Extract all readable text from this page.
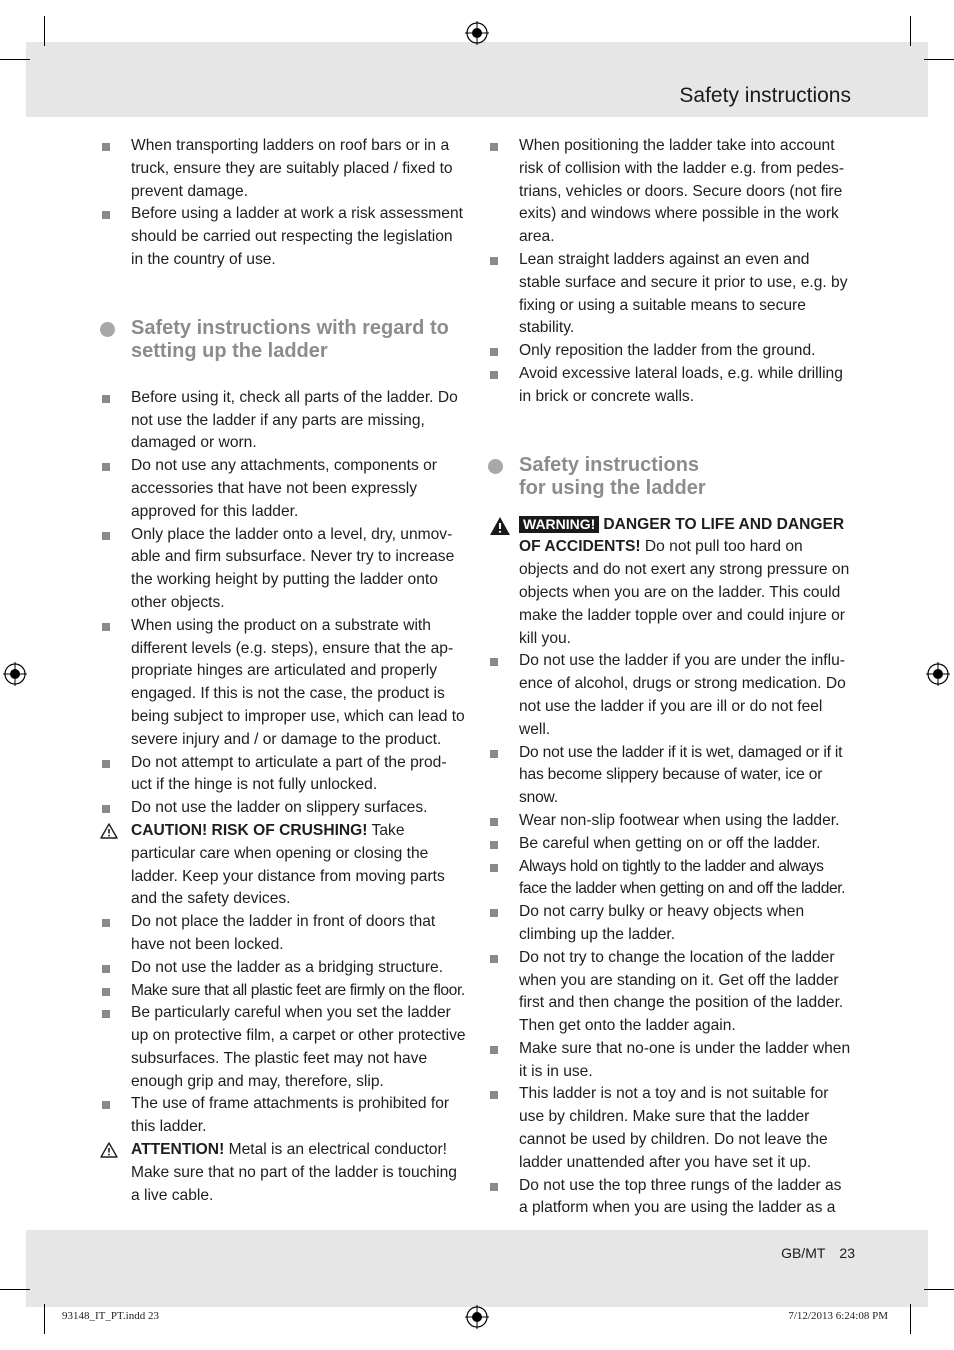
Safety instructions
GB/MT 23
93148_IT_PT.indd 23	7/12/2013 6:24:08 PM
When transporting ladders on roof bars or in a truck, ensure they are suitably placed / fixed to prevent damage.
Before using a ladder at work a risk assessment should be carried out respecting the legislation in the country of use.
Safety instructions with regard to setting up the ladder
Before using it, check all parts of the ladder. Do not use the ladder if any parts are missing, damaged or worn.
Do not use any attachments, components or accessories that have not been expressly approved for this ladder.
Only place the ladder onto a level, dry, unmov-able and firm subsurface. Never try to increase the working height by putting the ladder onto other objects.
When using the product on a substrate with different levels (e.g. steps), ensure that the ap-propriate hinges are articulated and properly engaged. If this is not the case, the product is being subject to improper use, which can lead to severe injury and / or damage to the product.
Do not attempt to articulate a part of the prod-uct if the hinge is not fully unlocked.
Do not use the ladder on slippery surfaces.
CAUTION! RISK OF CRUSHING! Take particular care when opening or closing the ladder. Keep your distance from moving parts and the safety devices.
Do not place the ladder in front of doors that have not been locked.
Do not use the ladder as a bridging structure.
Make sure that all plastic feet are firmly on the floor.
Be particularly careful when you set the ladder up on protective film, a carpet or other protective subsurfaces. The plastic feet may not have enough grip and may, therefore, slip.
The use of frame attachments is prohibited for this ladder.
ATTENTION! Metal is an electrical conductor! Make sure that no part of the ladder is touching a live cable.
When positioning the ladder take into account risk of collision with the ladder e.g. from pedes-trians, vehicles or doors. Secure doors (not fire exits) and windows where possible in the work area.
Lean straight ladders against an even and stable surface and secure it prior to use, e.g. by fixing or using a suitable means to secure stability.
Only reposition the ladder from the ground.
Avoid excessive lateral loads, e.g. while drilling in brick or concrete walls.
Safety instructions
for using the ladder
WARNING! DANGER TO LIFE AND DANGER OF ACCIDENTS! Do not pull too hard on objects and do not exert any strong pressure on objects when you are on the ladder. This could make the ladder topple over and could injure or kill you.
Do not use the ladder if you are under the influ-ence of alcohol, drugs or strong medication. Do not use the ladder if you are ill or do not feel well.
Do not use the ladder if it is wet, damaged or if it has become slippery because of water, ice or snow.
Wear non-slip footwear when using the ladder.
Be careful when getting on or off the ladder.
Always hold on tightly to the ladder and always face the ladder when getting on and off the ladder.
Do not carry bulky or heavy objects when climbing up the ladder.
Do not try to change the location of the ladder when you are standing on it. Get off the ladder first and then change the position of the ladder. Then get onto the ladder again.
Make sure that no-one is under the ladder when it is in use.
This ladder is not a toy and is not suitable for use by children. Make sure that the ladder cannot be used by children. Do not leave the ladder unattended after you have set it up.
Do not use the top three rungs of the ladder as a platform when you are using the ladder as a
